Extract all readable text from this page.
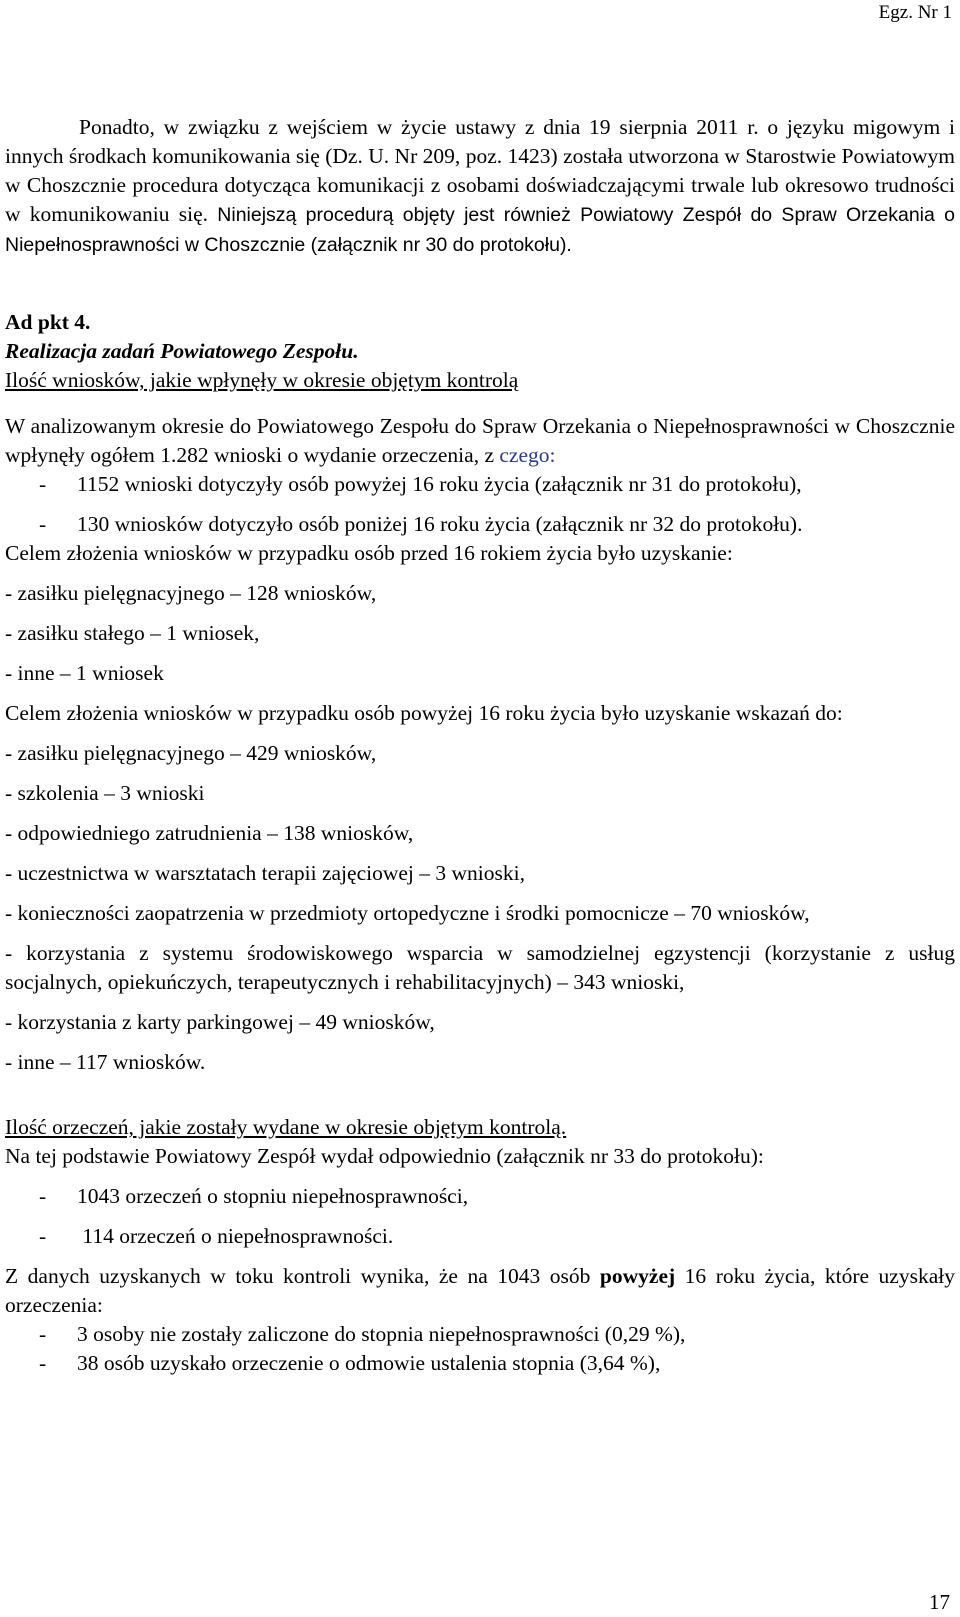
Egz. Nr 1

Ponadto, w związku z wejściem w życie ustawy z dnia 19 sierpnia 2011 r. o języku migowym i innych środkach komunikowania się (Dz. U. Nr 209, poz. 1423) została utworzona w Starostwie Powiatowym w Choszcznie procedura dotycząca komunikacji z osobami doświadczającymi trwale lub okresowo trudności w komunikowaniu się. Niniejszą procedurą objęty jest również Powiatowy Zespół do Spraw Orzekania o Niepełnosprawności w Choszcznie (załącznik nr 30 do protokołu).

Ad pkt 4.

Realizacja zadań Powiatowego Zespołu.

Ilość wniosków, jakie wpłynęły w okresie objętym kontrolą

W analizowanym okresie do Powiatowego Zespołu do Spraw Orzekania o Niepełnosprawności w Choszcznie wpłynęły ogółem 1.282 wnioski o wydanie orzeczenia, z czego:

-	1152 wnioski dotyczyły osób powyżej 16 roku życia (załącznik nr 31 do protokołu),
-	130 wniosków dotyczyło osób poniżej 16 roku życia (załącznik nr 32 do protokołu).

Celem złożenia wniosków w przypadku osób przed 16 rokiem życia było uzyskanie:

- zasiłku pielęgnacyjnego – 128 wniosków,

- zasiłku stałego – 1 wniosek,

- inne – 1 wniosek

Celem złożenia wniosków w przypadku osób powyżej 16 roku życia było uzyskanie wskazań do:

- zasiłku pielęgnacyjnego – 429 wniosków,

- szkolenia – 3 wnioski

- odpowiedniego zatrudnienia – 138 wniosków,

- uczestnictwa w warsztatach terapii zajęciowej – 3 wnioski,

- konieczności zaopatrzenia w przedmioty ortopedyczne i środki pomocnicze – 70 wniosków,

- korzystania z systemu środowiskowego wsparcia w samodzielnej egzystencji (korzystanie z usług socjalnych, opiekuńczych, terapeutycznych i rehabilitacyjnych) – 343 wnioski,

- korzystania z karty parkingowej – 49 wniosków,

- inne – 117 wniosków.

Ilość orzeczeń, jakie zostały wydane w okresie objętym kontrolą.

Na tej podstawie Powiatowy Zespół wydał odpowiednio (załącznik nr 33 do protokołu):

-	1043 orzeczeń o stopniu niepełnosprawności,
-	114 orzeczeń o niepełnosprawności.

Z danych uzyskanych w toku kontroli wynika, że na 1043 osób powyżej 16 roku życia, które uzyskały orzeczenia:

-	3 osoby nie zostały zaliczone do stopnia niepełnosprawności (0,29 %),
-	38 osób uzyskało orzeczenie o odmowie ustalenia stopnia (3,64 %),
17
